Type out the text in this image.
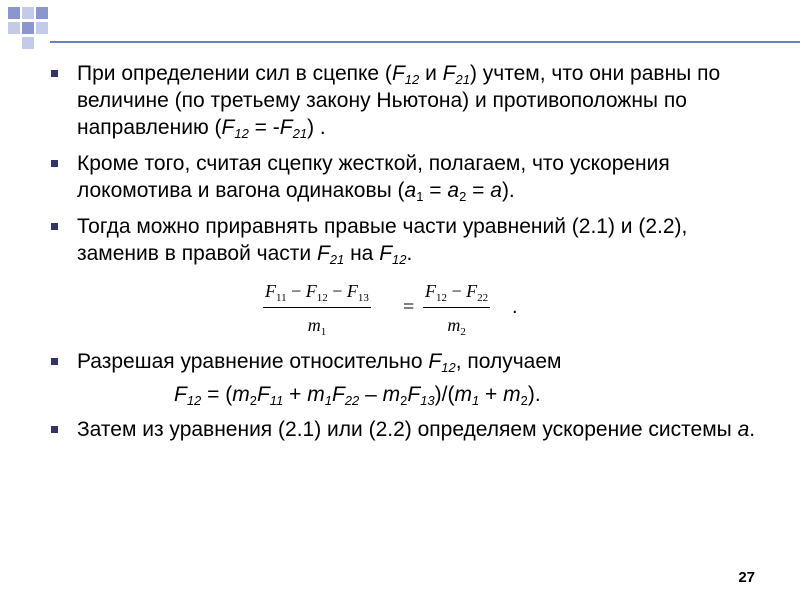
При определении сил в сцепке ($F_{12}$ и $F_{21}$) учтем, что они равны по величине (по третьему закону Ньютона) и противоположны по направлению $(F_{12} = -F_{21})$ .
Кроме того, считая сцепку жесткой, полагаем, что ускорения локомотива и вагона одинаковы $(a_1 = a_2 = a)$.
Тогда можно приравнять правые части уравнений (2.1) и (2.2), заменив в правой части $F_{21}$ на $F_{12}$.
$F_{11} - F_{12} - F_{13}$
$m_1$
=
$F_{12} - F_{22}$
$m_2$
.
Разрешая уравнение относительно $F_{12}$, получаем
$F_{12} = (m_2F_{11} + m_1F_{22} - m_2F_{13})/(m_1 + m_2)$.
Затем из уравнения (2.1) или (2.2) определяем ускорение системы a.
27
